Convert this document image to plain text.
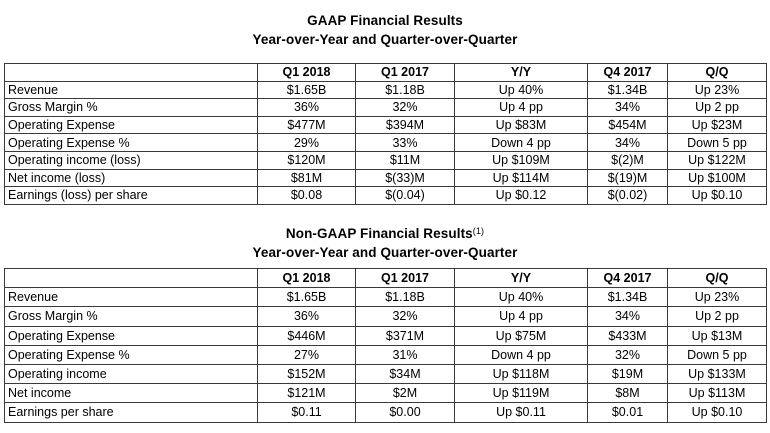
GAAP Financial Results
Year-over-Year and Quarter-over-Quarter
	Q1 2018	Q1 2017	Y/Y	Q4 2017	Q/Q
Revenue	$1.65B	$1.18B	Up 40%	$1.34B	Up 23%
Gross Margin %	36%	32%	Up 4 pp	34%	Up 2 pp
Operating Expense	$477M	$394M	Up $83M	$454M	Up $23M
Operating Expense %	29%	33%	Down 4 pp	34%	Down 5 pp
Operating income (loss)	$120M	$11M	Up $109M	$(2)M	Up $122M
Net income (loss)	$81M	$(33)M	Up $114M	$(19)M	Up $100M
Earnings (loss) per share	$0.08	$(0.04)	Up $0.12	$(0.02)	Up $0.10
Non-GAAP Financial Results$^{(1)}$
Year-over-Year and Quarter-over-Quarter
	Q1 2018	Q1 2017	Y/Y	Q4 2017	Q/Q
Revenue	$1.65B	$1.18B	Up 40%	$1.34B	Up 23%
Gross Margin %	36%	32%	Up 4 pp	34%	Up 2 pp
Operating Expense	$446M	$371M	Up $75M	$433M	Up $13M
Operating Expense %	27%	31%	Down 4 pp	32%	Down 5 pp
Operating income	$152M	$34M	Up $118M	$19M	Up $133M
Net income	$121M	$2M	Up $119M	$8M	Up $113M
Earnings per share	$0.11	$0.00	Up $0.11	$0.01	Up $0.10
